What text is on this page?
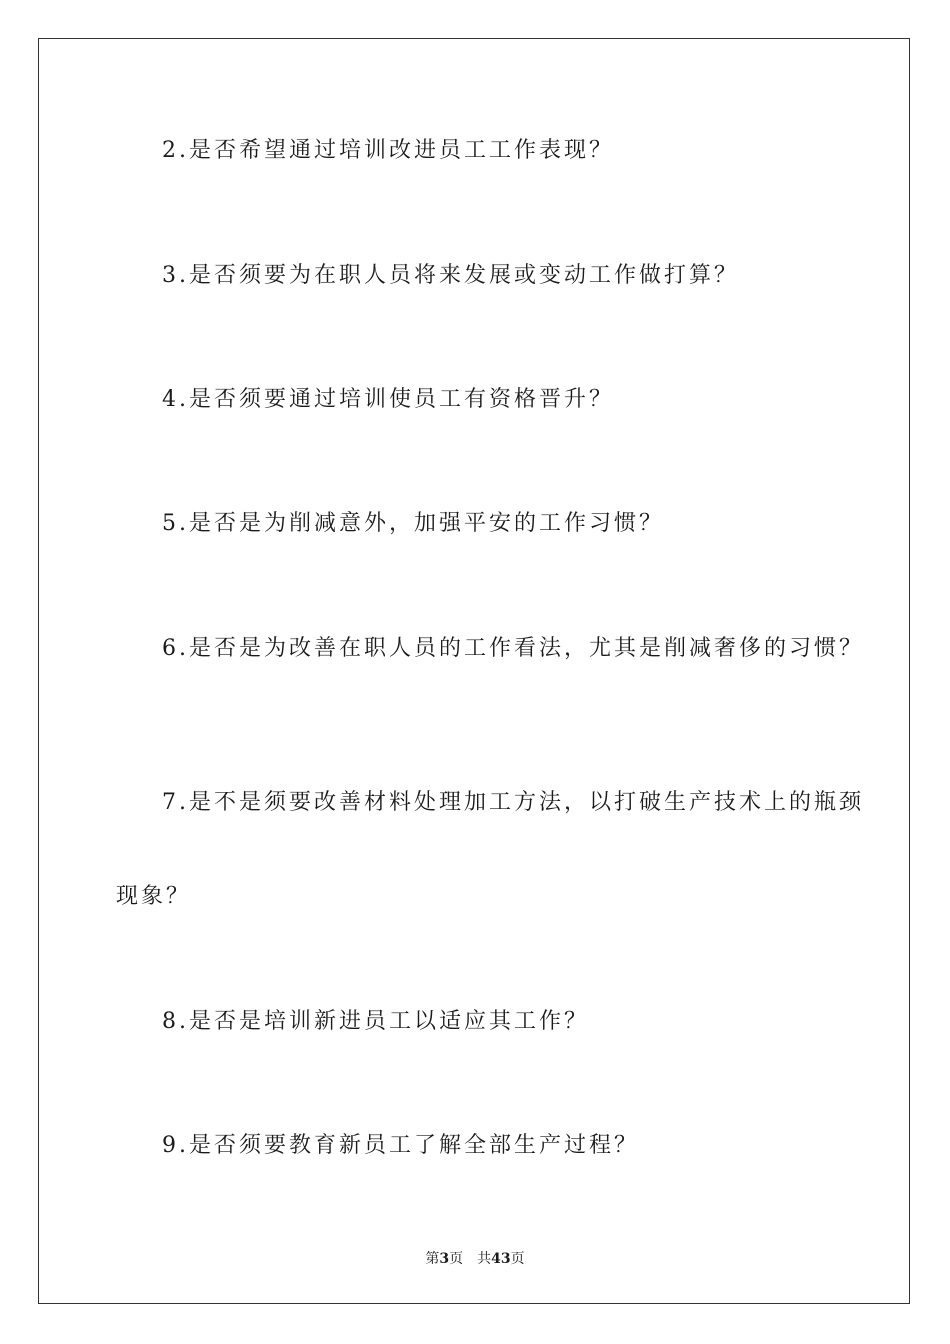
2.是否希望通过培训改进员工工作表现？
3.是否须要为在职人员将来发展或变动工作做打算？
4.是否须要通过培训使员工有资格晋升？
5.是否是为削减意外，加强平安的工作习惯？
6.是否是为改善在职人员的工作看法，尤其是削减奢侈的习惯？
7.是不是须要改善材料处理加工方法，以打破生产技术上的瓶颈
现象？
8.是否是培训新进员工以适应其工作？
9.是否须要教育新员工了解全部生产过程？
第3页 共43页
